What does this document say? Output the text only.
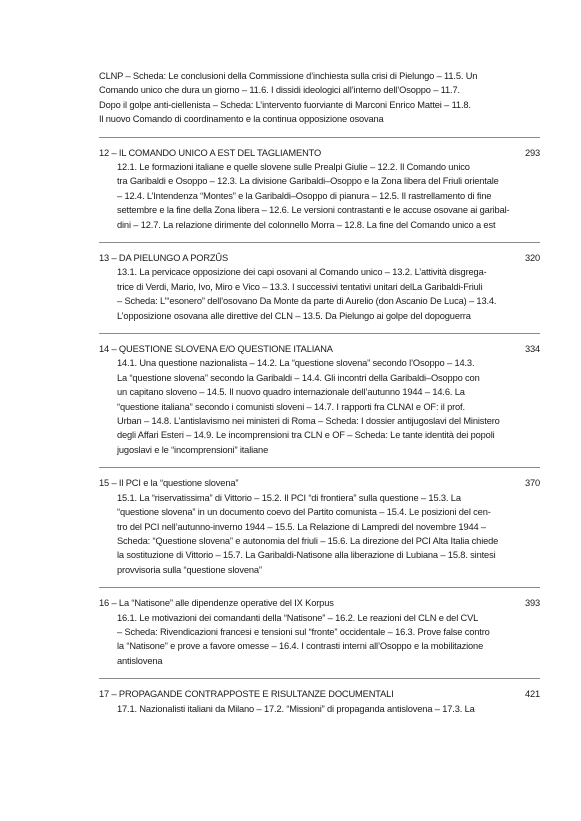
CLNP – Scheda: Le conclusioni della Commissione d’inchiesta sulla crisi di Pielungo – 11.5. Un

Comando unico che dura un giorno – 11.6. I dissidi ideologici all’interno dell’Osoppo – 11.7.

Dopo il golpe anti-ciellenista – Scheda: L’intervento fuorviante di Marconi Enrico Mattei – 11.8.

Il nuovo Comando di coordinamento e la continua opposizione osovana

12 – IL COMANDO UNICO A EST DEL TAGLIAMENTO	293

12.1. Le formazioni italiane e quelle slovene sulle Prealpi Giulie – 12.2. Il Comando unico

tra Garibaldi e Osoppo – 12.3. La divisione Garibaldi–Osoppo e la Zona libera del Friuli orientale

– 12.4. L’Intendenza “Montes” e la Garibaldi–Osoppo di pianura – 12.5. Il rastrellamento di fine

settembre e la fine della Zona libera – 12.6. Le versioni contrastanti e le accuse osovane ai garibal-

dini – 12.7. La relazione dirimente del colonnello Morra – 12.8. La fine del Comando unico a est

13 – DA PIELUNGO A PORZÛS	320

13.1. La pervicace opposizione dei capi osovani al Comando unico – 13.2. L’attività disgrega-

trice di Verdi, Mario, Ivo, Miro e Vico – 13.3. I successivi tentativi unitari delLa Garibaldi-Friuli

– Scheda: L’“esonero” dell’osovano Da Monte da parte di Aurelio (don Ascanio De Luca) – 13.4.

L’opposizione osovana alle direttive del CLN – 13.5. Da Pielungo ai golpe del dopoguerra

14 – QUESTIONE SLOVENA E/O QUESTIONE ITALIANA	334

14.1. Una questione nazionalista – 14.2. La “questione slovena” secondo l’Osoppo – 14.3.

La “questione slovena” secondo la Garibaldi – 14.4. Gli incontri della Garibaldi–Osoppo con

un capitano sloveno – 14.5. Il nuovo quadro internazionale dell’autunno 1944 – 14.6. La

“questione italiana” secondo i comunisti sloveni – 14.7. I rapporti fra CLNAI e OF: il prof.

Urban – 14.8. L’antislavismo nei ministeri di Roma – Scheda: I dossier antijugoslavi del Ministero

degli Affari Esteri – 14.9. Le incomprensioni tra CLN e OF – Scheda: Le tante identità dei popoli

jugoslavi e le “incomprensioni” italiane

15 – Il PCI e la “questione slovena”	370

15.1. La “riservatissima” di Vittorio – 15.2. Il PCI “di frontiera” sulla questione – 15.3. La

“questione slovena” in un documento coevo del Partito comunista – 15.4. Le posizioni del cen-

tro del PCI nell’autunno-inverno 1944 – 15.5. La Relazione di Lampredi del novembre 1944 –

Scheda: “Questione slovena” e autonomia del friuli – 15.6. La direzione del PCI Alta Italia chiede

la sostituzione di Vittorio – 15.7. La Garibaldi-Natisone alla liberazione di Lubiana – 15.8. sintesi

provvisoria sulla “questione slovena”

16 – La “Natisone” alle dipendenze operative del IX Korpus	393

16.1. Le motivazioni dei comandanti della “Natisone” – 16.2. Le reazioni del CLN e del CVL

– Scheda: Rivendicazioni francesi e tensioni sul “fronte” occidentale – 16.3. Prove false contro

la “Natisone” e prove a favore omesse – 16.4. I contrasti interni all’Osoppo e la mobilitazione

antislovena

17 – PROPAGANDE CONTRAPPOSTE E RISULTANZE DOCUMENTALI	421

17.1. Nazionalisti italiani da Milano – 17.2. “Missioni” di propaganda antislovena – 17.3. La
